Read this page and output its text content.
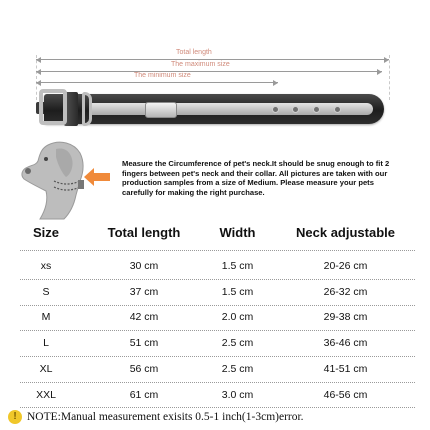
Total length
The maximum size
The minimum size
Measure the Circumference of pet's neck.It should be snug enough to fit 2 fingers between pet's neck and their collar. All pictures are taken with our production samples from a size of Medium. Please measure your pets carefully for making the right purchase.
Size	Total length	Width	Neck adjustable
xs	30 cm	1.5 cm	20-26 cm
S	37 cm	1.5 cm	26-32 cm
M	42 cm	2.0 cm	29-38 cm
L	51 cm	2.5 cm	36-46 cm
XL	56 cm	2.5 cm	41-51 cm
XXL	61 cm	3.0 cm	46-56 cm
! NOTE:Manual measurement exisits 0.5-1 inch(1-3cm)error.
